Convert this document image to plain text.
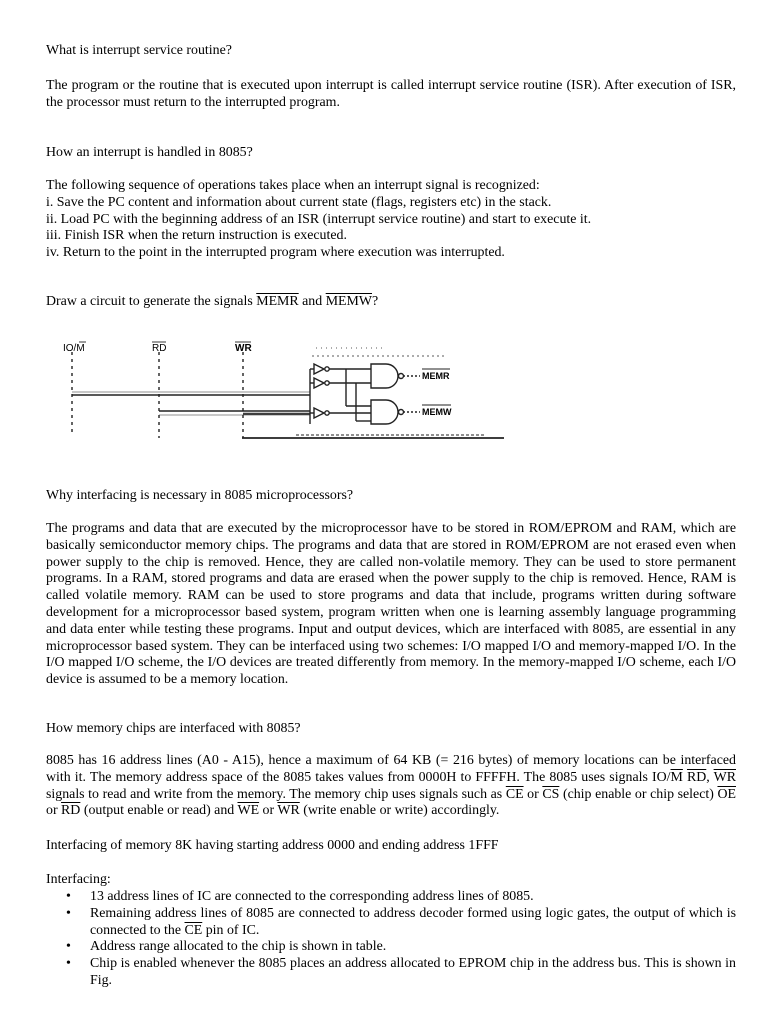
What is interrupt service routine?

The program or the routine that is executed upon interrupt is called interrupt service routine (ISR). After execution of ISR, the processor must return to the interrupted program.

How an interrupt is handled in 8085?

The following sequence of operations takes place when an interrupt signal is recognized:

i. Save the PC content and information about current state (flags, registers etc) in the stack.

ii. Load PC with the beginning address of an ISR (interrupt service routine) and start to execute it.

iii. Finish ISR when the return instruction is executed.

iv. Return to the point in the interrupted program where execution was interrupted.

Draw a circuit to generate the signals MEMR and MEMW?

IO/M	RD	WR
MEMR
MEMW

Why interfacing is necessary in 8085 microprocessors?

The programs and data that are executed by the microprocessor have to be stored in ROM/EPROM and RAM, which are basically semiconductor memory chips. The programs and data that are stored in ROM/EPROM are not erased even when power supply to the chip is removed. Hence, they are called non-volatile memory. They can be used to store permanent programs. In a RAM, stored programs and data are erased when the power supply to the chip is removed. Hence, RAM is called volatile memory. RAM can be used to store programs and data that include, programs written during software development for a microprocessor based system, program written when one is learning assembly language programming and data enter while testing these programs. Input and output devices, which are interfaced with 8085, are essential in any microprocessor based system. They can be interfaced using two schemes: I/O mapped I/O and memory-mapped I/O. In the I/O mapped I/O scheme, the I/O devices are treated differently from memory. In the memory-mapped I/O scheme, each I/O device is assumed to be a memory location.

How memory chips are interfaced with 8085?

8085 has 16 address lines (A0 - A15), hence a maximum of 64 KB (= 216 bytes) of memory locations can be interfaced with it. The memory address space of the 8085 takes values from 0000H to FFFFH. The 8085 uses signals $IO/\overline{M}$ $\overline{RD}$, $\overline{WR}$ signals to read and write from the memory. The memory chip uses signals such as $\overline{CE}$ or $\overline{CS}$ (chip enable or chip select) $\overline{OE}$ or $\overline{RD}$ (output enable or read) and $\overline{WE}$ or $\overline{WR}$ (write enable or write) accordingly.

Interfacing of memory 8K having starting address 0000 and ending address 1FFF

Interfacing:

• 13 address lines of IC are connected to the corresponding address lines of 8085.
• Remaining address lines of 8085 are connected to address decoder formed using logic gates, the output of which is connected to the $\overline{CE}$ pin of IC.
• Address range allocated to the chip is shown in table.
• Chip is enabled whenever the 8085 places an address allocated to EPROM chip in the address bus. This is shown in Fig.
